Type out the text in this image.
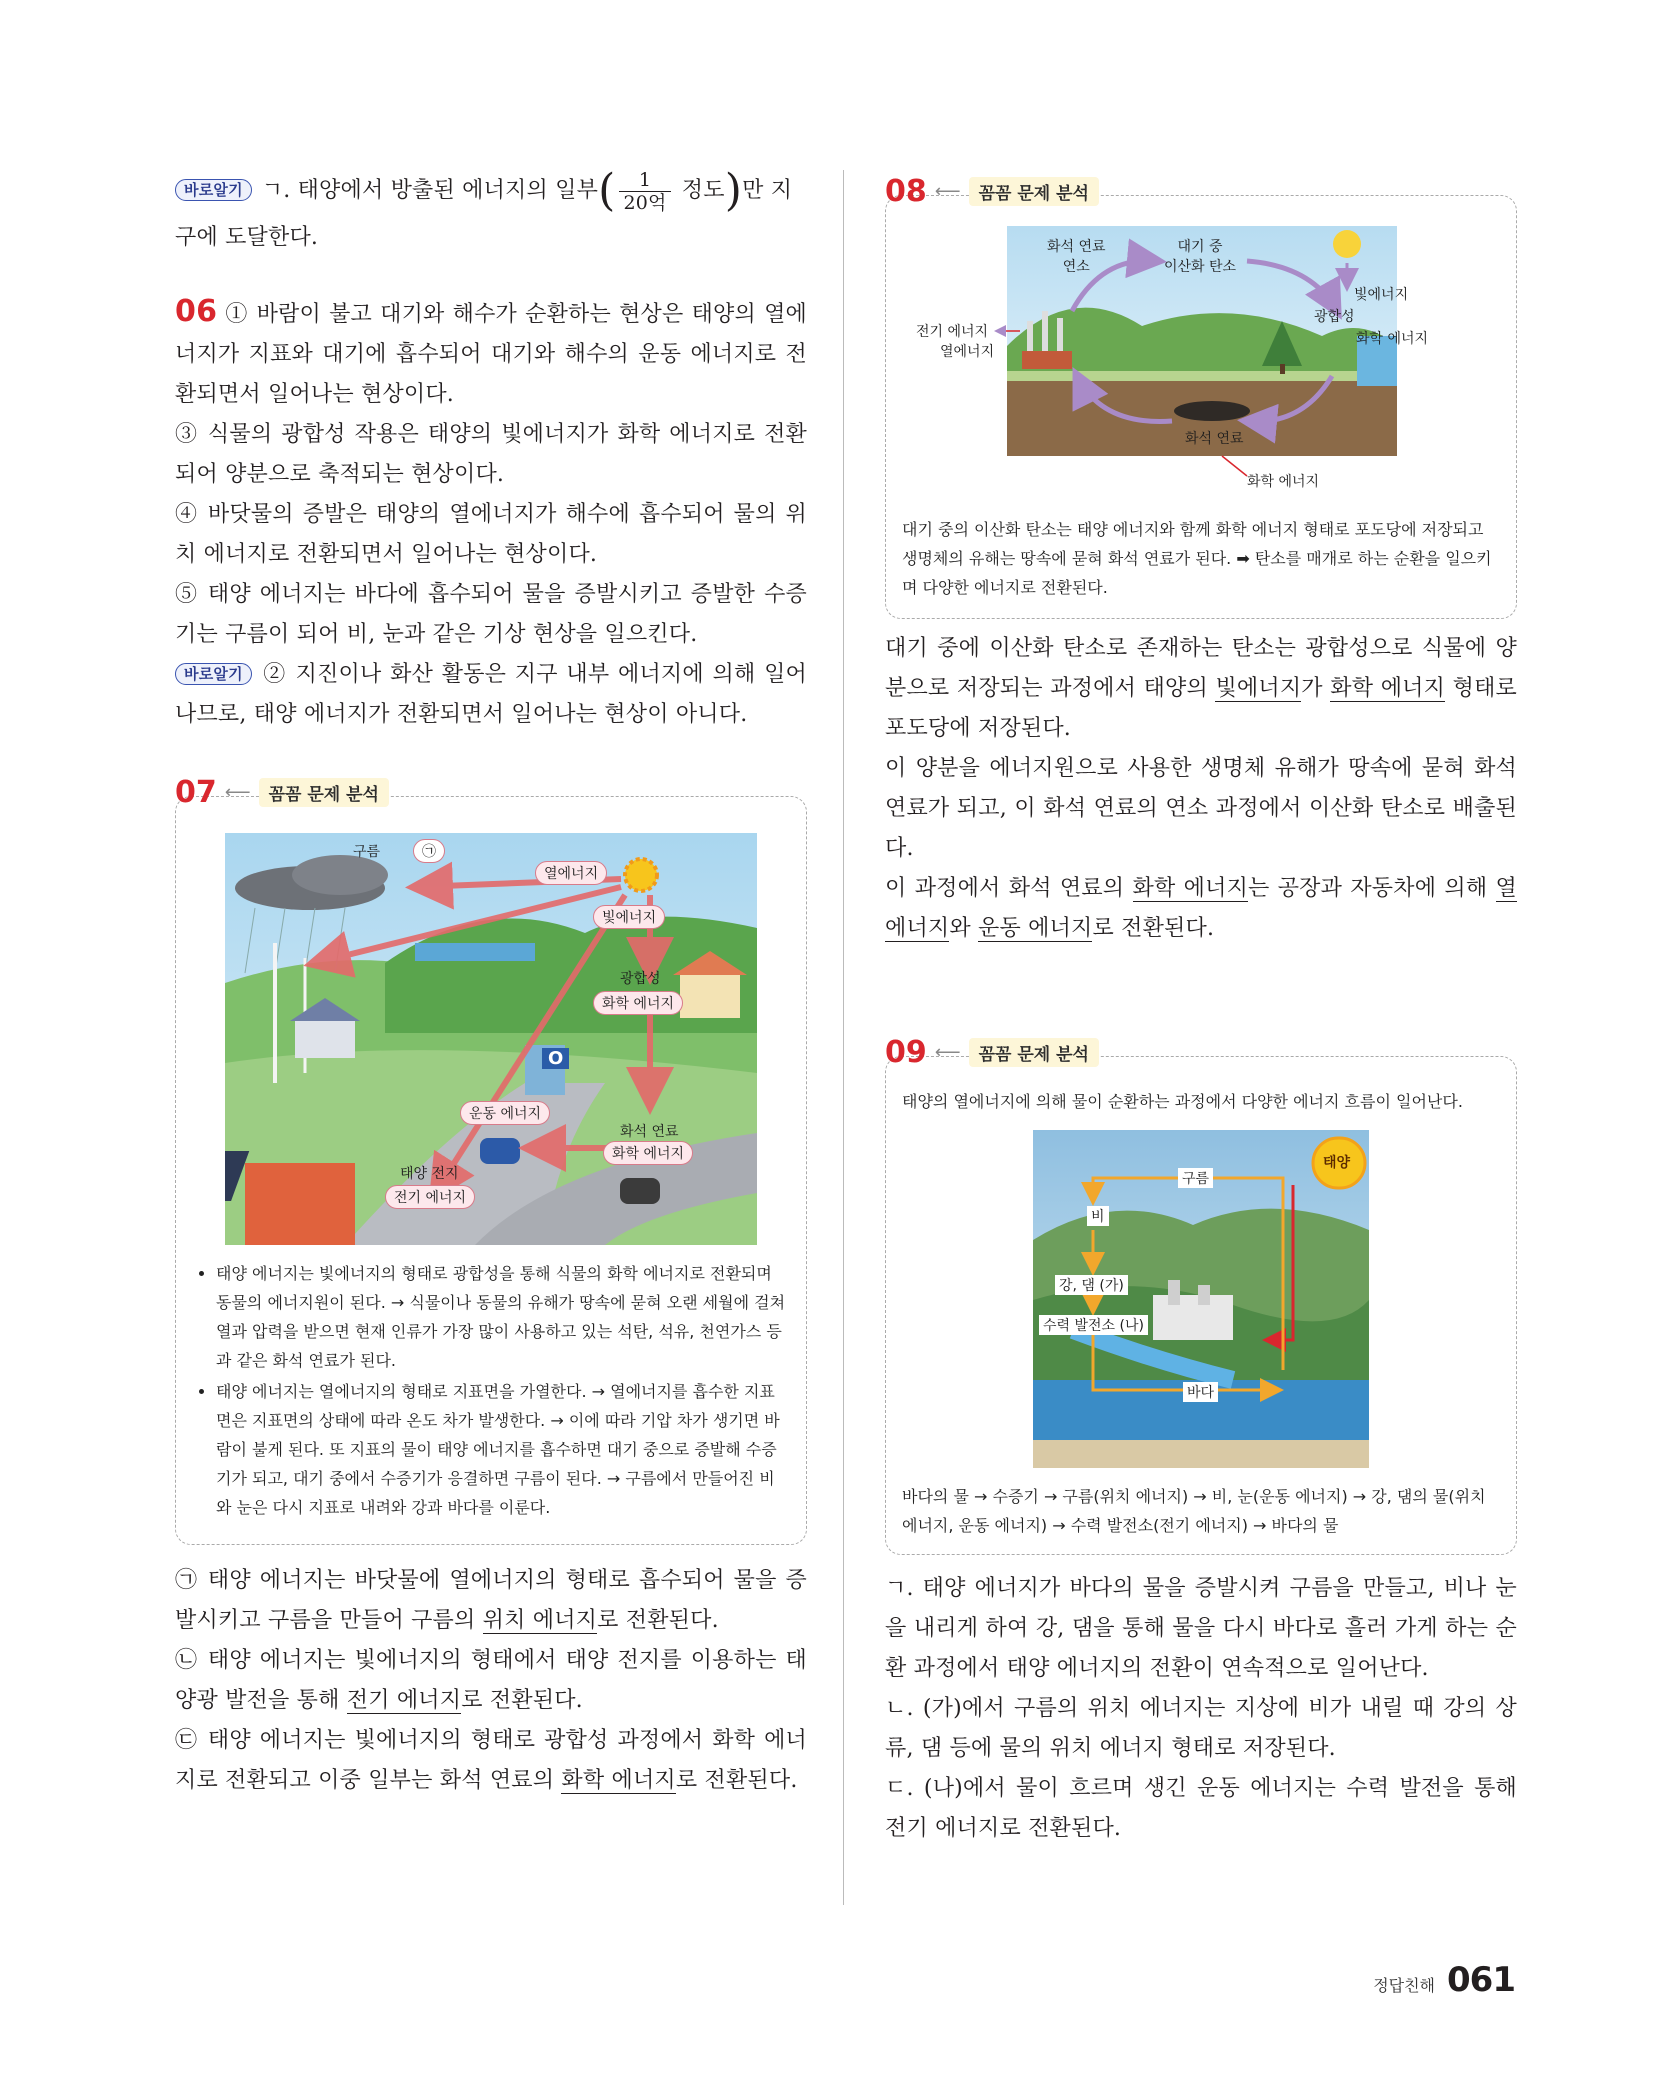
바로알기 ㄱ. 태양에서 방출된 에너지의 일부( $\frac{1}{\text{20억}}$ 정도)만 지

구에 도달한다.

06 ① 바람이 불고 대기와 해수가 순환하는 현상은 태양의 열에너지가 지표와 대기에 흡수되어 대기와 해수의 운동 에너지로 전환되면서 일어나는 현상이다.

③ 식물의 광합성 작용은 태양의 빛에너지가 화학 에너지로 전환되어 양분으로 축적되는 현상이다.

④ 바닷물의 증발은 태양의 열에너지가 해수에 흡수되어 물의 위치 에너지로 전환되면서 일어나는 현상이다.

⑤ 태양 에너지는 바다에 흡수되어 물을 증발시키고 증발한 수증기는 구름이 되어 비, 눈과 같은 기상 현상을 일으킨다.

바로알기 ② 지진이나 화산 활동은 지구 내부 에너지에 의해 일어나므로, 태양 에너지가 전환되면서 일어나는 현상이 아니다.

07 ⟵	꼼꼼 문제 분석
구름	㉠
열에너지
빛에너지
광합성
화학 에너지
O
운동 에너지
화석 연료
화학 에너지
태양 전지
전기 에너지
• 태양 에너지는 빛에너지의 형태로 광합성을 통해 식물의 화학 에너지로 전환되며 동물의 에너지원이 된다. → 식물이나 동물의 유해가 땅속에 묻혀 오랜 세월에 걸쳐 열과 압력을 받으면 현재 인류가 가장 많이 사용하고 있는 석탄, 석유, 천연가스 등과 같은 화석 연료가 된다.
• 태양 에너지는 열에너지의 형태로 지표면을 가열한다. → 열에너지를 흡수한 지표면은 지표면의 상태에 따라 온도 차가 발생한다. → 이에 따라 기압 차가 생기면 바람이 불게 된다. 또 지표의 물이 태양 에너지를 흡수하면 대기 중으로 증발해 수증기가 되고, 대기 중에서 수증기가 응결하면 구름이 된다. → 구름에서 만들어진 비와 눈은 다시 지표로 내려와 강과 바다를 이룬다.

㉠ 태양 에너지는 바닷물에 열에너지의 형태로 흡수되어 물을 증발시키고 구름을 만들어 구름의 위치 에너지로 전환된다.

㉡ 태양 에너지는 빛에너지의 형태에서 태양 전지를 이용하는 태양광 발전을 통해 전기 에너지로 전환된다.

㉢ 태양 에너지는 빛에너지의 형태로 광합성 과정에서 화학 에너지로 전환되고 이중 일부는 화석 연료의 화학 에너지로 전환된다.

08 ⟵	꼼꼼 문제 분석
화석 연료
연소
대기 중
이산화 탄소
빛에너지
광합성
화학 에너지
전기 에너지
열에너지
화석 연료
화학 에너지
대기 중의 이산화 탄소는 태양 에너지와 함께 화학 에너지 형태로 포도당에 저장되고 생명체의 유해는 땅속에 묻혀 화석 연료가 된다. ➡ 탄소를 매개로 하는 순환을 일으키며 다양한 에너지로 전환된다.

대기 중에 이산화 탄소로 존재하는 탄소는 광합성으로 식물에 양분으로 저장되는 과정에서 태양의 빛에너지가 화학 에너지 형태로 포도당에 저장된다.

이 양분을 에너지원으로 사용한 생명체 유해가 땅속에 묻혀 화석 연료가 되고, 이 화석 연료의 연소 과정에서 이산화 탄소로 배출된다.

이 과정에서 화석 연료의 화학 에너지는 공장과 자동차에 의해 열에너지와 운동 에너지로 전환된다.

09 ⟵	꼼꼼 문제 분석
태양의 열에너지에 의해 물이 순환하는 과정에서 다양한 에너지 흐름이 일어난다.
태양
구름
비
강, 댐 (가)
수력 발전소 (나)
바다
바다의 물 → 수증기 → 구름(위치 에너지) → 비, 눈(운동 에너지) → 강, 댐의 물(위치 에너지, 운동 에너지) → 수력 발전소(전기 에너지) → 바다의 물

ㄱ. 태양 에너지가 바다의 물을 증발시켜 구름을 만들고, 비나 눈을 내리게 하여 강, 댐을 통해 물을 다시 바다로 흘러 가게 하는 순환 과정에서 태양 에너지의 전환이 연속적으로 일어난다.

ㄴ. (가)에서 구름의 위치 에너지는 지상에 비가 내릴 때 강의 상류, 댐 등에 물의 위치 에너지 형태로 저장된다.

ㄷ. (나)에서 물이 흐르며 생긴 운동 에너지는 수력 발전을 통해 전기 에너지로 전환된다.

정답친해 061
